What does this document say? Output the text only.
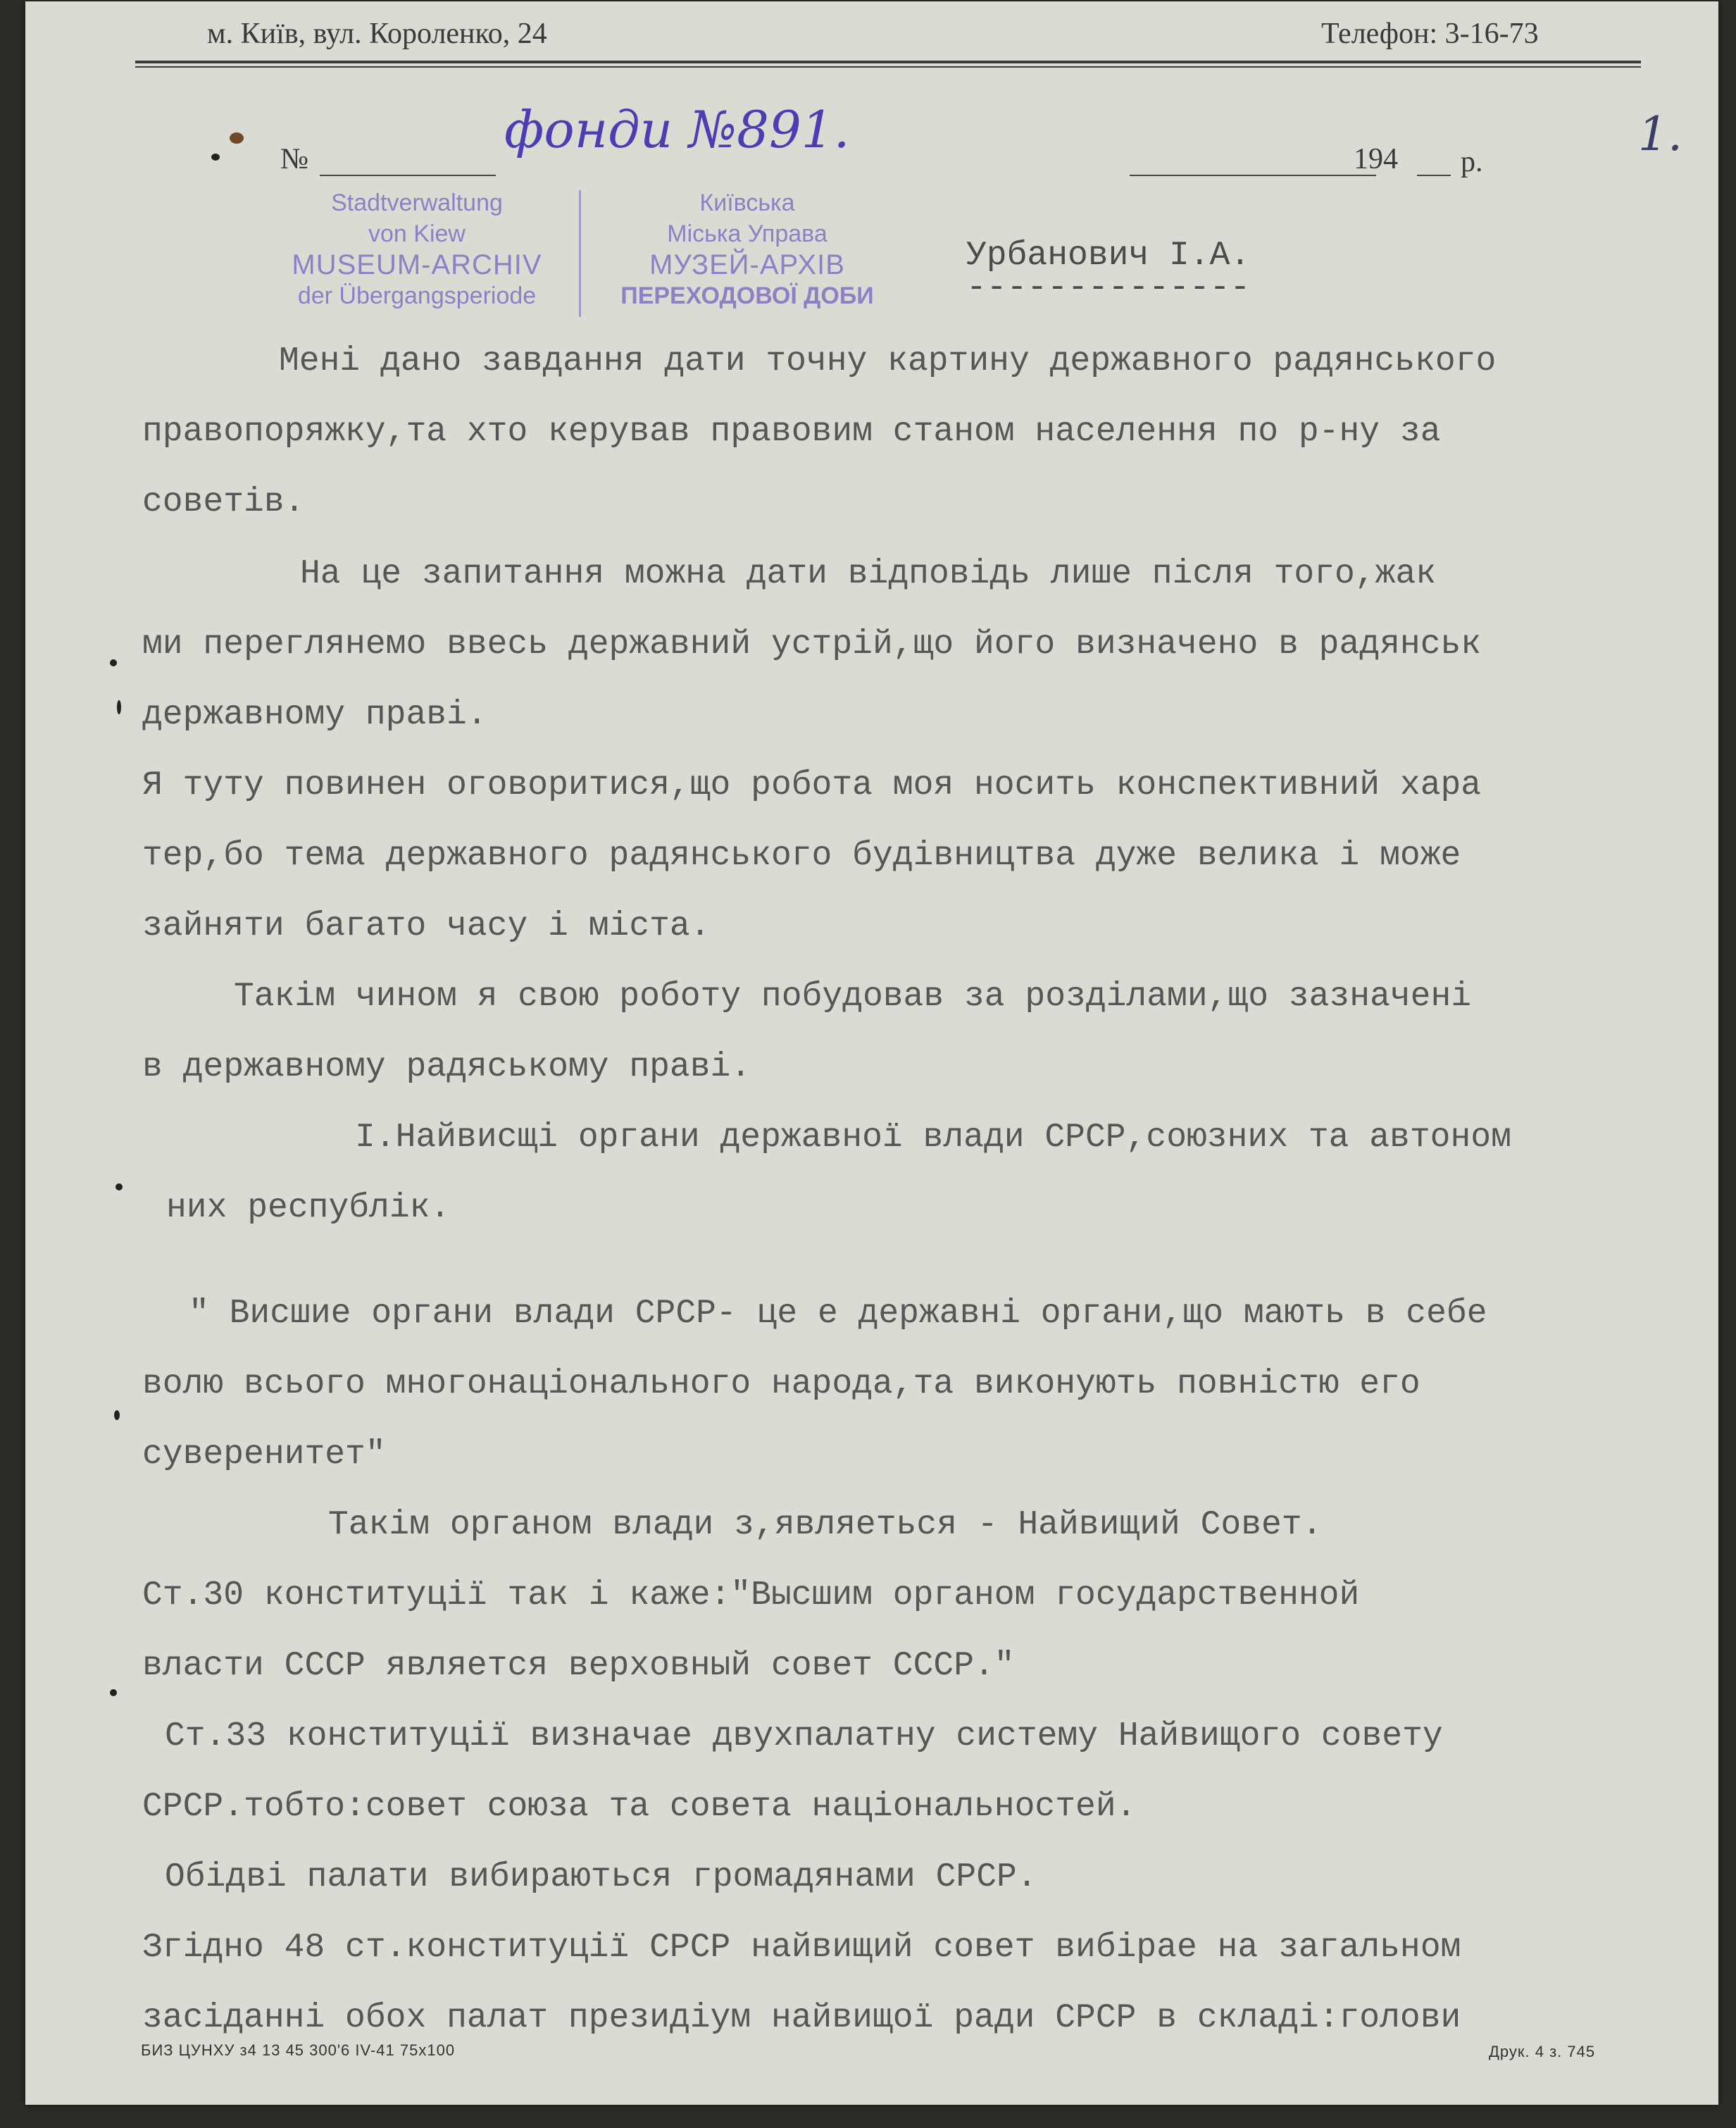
м. Київ, вул. Короленко, 24	Телефон: 3-16-73
№	фонди №891.	1.
194 р.
Stadtverwaltung
von Kiew
MUSEUM-ARCHIV
der Übergangsperiode
Київська
Міська Управа
МУЗЕЙ-АРХІВ
ПЕРЕХОДОВОЇ ДОБИ
Урбанович І.А.
--------------
Мені дано завдання дати точну картину державного радянського
правопоряжку,та хто керував правовим станом населення по р-ну за
советів.
На це запитання можна дати відповідь лише після того,жак
ми переглянемо ввесь державний устрій,що його визначено в радянськ
державному праві.
Я туту повинен оговоритися,що робота моя носить конспективний хара
тер,бо тема державного радянського будівництва дуже велика і може
зайняти багато часу і міста.
Такім чином я свою роботу побудовав за розділами,що зазначені
в державному радяському праві.
I.Найвисщі органи державної влади СРСР,союзних та автоном
них республік.
" Висшие органи влади СРСР- це е державні органи,що мають в себе
волю всього многонаціонального народа,та виконують повністю его
суверенитет"
Такім органом влади з,являеться - Найвищий Совет.
Ст.30 конституції так і каже:"Высшим органом государственной
власти СССР является верховный совет СССР."
Ст.33 конституції визначае двухпалатну систему Найвищого совету
СРСР.тобто:совет союза та совета національностей.
Обідві палати вибираються громадянами СРСР.
Згідно 48 ст.конституції СРСР найвищий совет вибірае на загальном
засіданні обох палат президіум найвищої ради СРСР в складі:голови
БИЗ ЦУНХУ з4 13 45 300'6 IV-41 75x100	Друк. 4 з. 745
